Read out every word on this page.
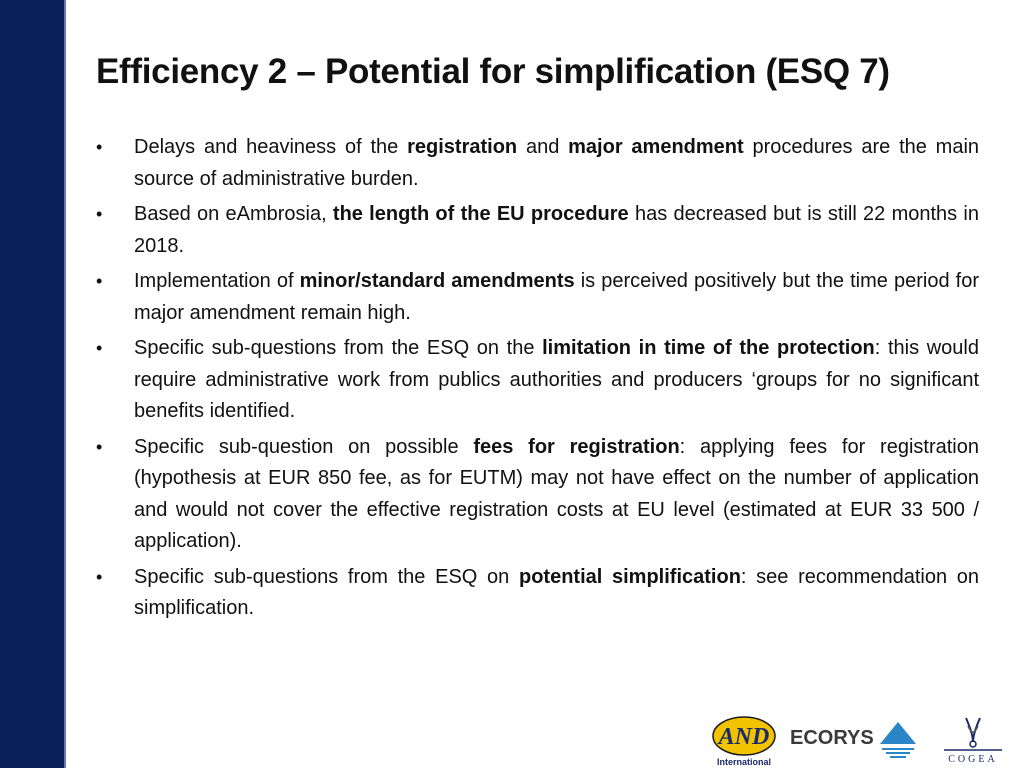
Efficiency 2 – Potential for simplification (ESQ 7)
• Delays and heaviness of the registration and major amendment procedures are the main source of administrative burden.
• Based on eAmbrosia, the length of the EU procedure has decreased but is still 22 months in 2018.
• Implementation of minor/standard amendments is perceived positively but the time period for major amendment remain high.
• Specific sub-questions from the ESQ on the limitation in time of the protection: this would require administrative work from publics authorities and producers ‘groups for no significant benefits identified.
• Specific sub-question on possible fees for registration: applying fees for registration (hypothesis at EUR 850 fee, as for EUTM) may not have effect on the number of application and would not cover the effective registration costs at EU level (estimated at EUR 33 500 / application).
• Specific sub-questions from the ESQ on potential simplification: see recommendation on simplification.
AND
International
ECORYS
COGEA
